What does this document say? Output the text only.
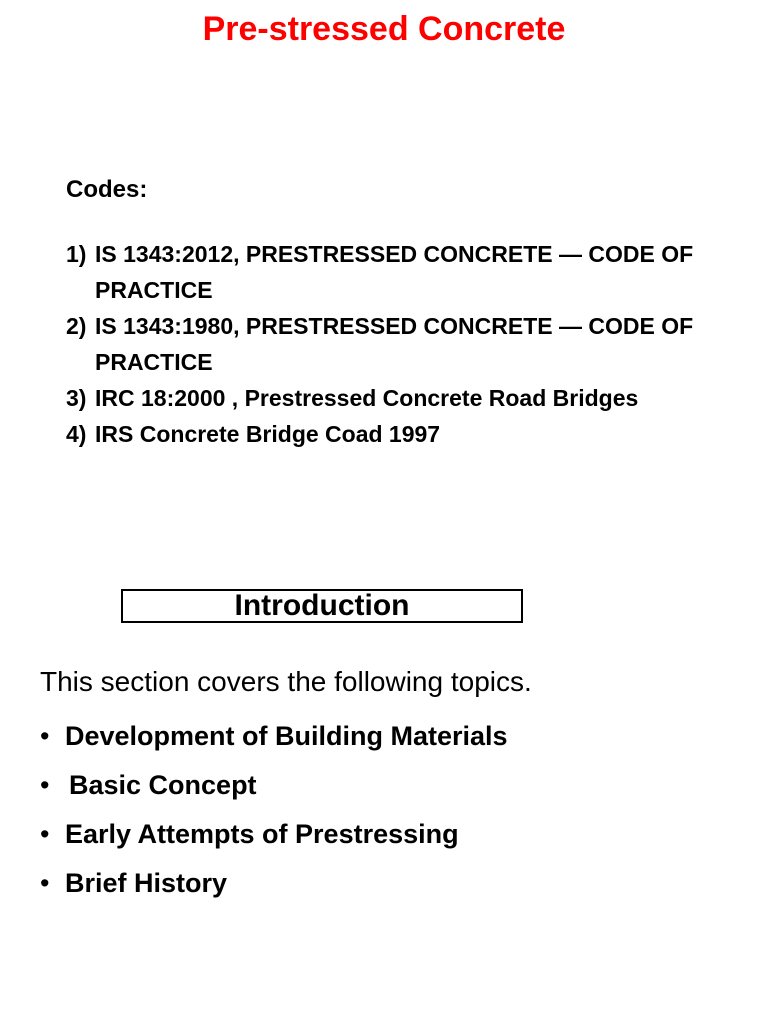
Pre-stressed Concrete
Codes:
1) IS 1343:2012, PRESTRESSED CONCRETE — CODE OF PRACTICE
2) IS 1343:1980, PRESTRESSED CONCRETE — CODE OF PRACTICE
3) IRC 18:2000 , Prestressed Concrete Road Bridges
4) IRS Concrete Bridge Coad 1997
Introduction
This section covers the following topics.
• Development of Building Materials
• Basic Concept
• Early Attempts of Prestressing
• Brief History
